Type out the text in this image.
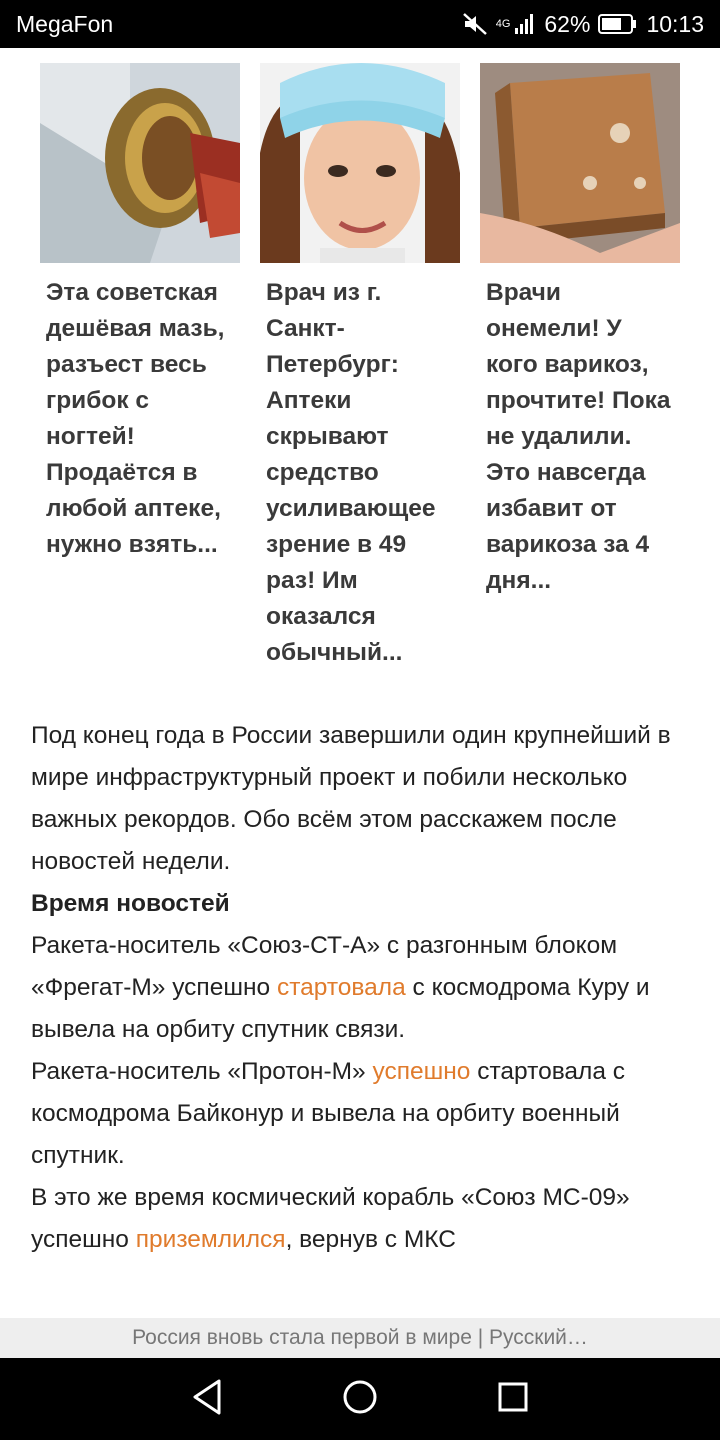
MegaFon	4G 62% 10:13
Эта советская дешёвая мазь, разъест весь грибок с ногтей! Продаётся в любой аптеке, нужно взять...
Врач из г. Санкт-Петербург: Аптеки скрывают средство усиливающее зрение в 49 раз! Им оказался обычный...
Врачи онемели! У кого варикоз, прочтите! Пока не удалили. Это навсегда избавит от варикоза за 4 дня...

Под конец года в России завершили один крупнейший в мире инфраструктурный проект и побили несколько важных рекордов. Обо всём этом расскажем после новостей недели.

Время новостей

Ракета-носитель «Союз-СТ-А» с разгонным блоком «Фрегат-М» успешно стартовала с космодрома Куру и вывела на орбиту спутник связи.

Ракета-носитель «Протон-М» успешно стартовала с космодрома Байконур и вывела на орбиту военный спутник.

В это же время космический корабль «Союз МС-09» успешно приземлился, вернув с МКС

Россия вновь стала первой в мире | Русский…
